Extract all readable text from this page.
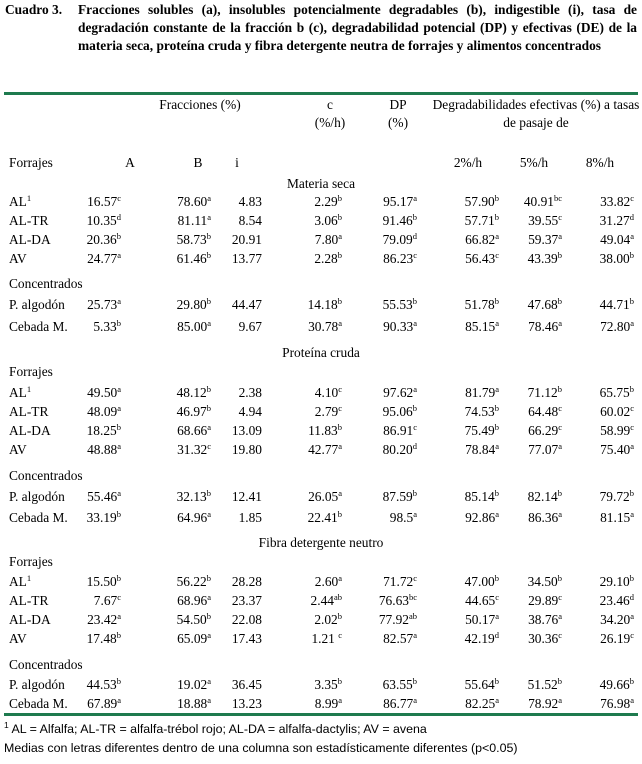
Cuadro 3.	Fracciones solubles (a), insolubles potencialmente degradables (b), indigestible (i), tasa de degradación constante de la fracción b (c), degradabilidad potencial (DP) y efectivas (DE) de la materia seca, proteína cruda y fibra detergente neutra de forrajes y alimentos concentrados
Fracciones (%)	c
(%/h)
DP
(%)
Degradabilidades efectivas (%) a tasas de pasaje de
Forrajes	A	B	i	2%/h	5%/h	8%/h
Materia seca
$AL^1$	16.57$^c$	78.60$^a$ 4.83	2.29$^b$	95.17$^a$	57.90$^b$ 40.91$^{bc}$	33.82$^c$
AL-TR	10.35$^d$	81.11$^a$ 8.54	3.06$^b$	91.46$^b$	57.71$^b$ 39.55$^c$	31.27$^d$
AL-DA	20.36$^b$	58.73$^b$ 20.91	7.80$^a$	79.09$^d$	66.82$^a$ 59.37$^a$	49.04$^a$
AV	24.77$^a$	61.46$^b$ 13.77	2.28$^b$	86.23$^c$	56.43$^c$ 43.39$^b$	38.00$^b$
Concentrados
P. algodón 25.73$^a$	29.80$^b$ 44.47	14.18$^b$	55.53$^b$	51.78$^b$ 47.68$^b$	44.71$^b$
Cebada M. 5.33$^b$	85.00$^a$ 9.67	30.78$^a$	90.33$^a$	85.15$^a$ 78.46$^a$	72.80$^a$
Proteína cruda
Forrajes
$AL^1$	49.50$^a$	48.12$^b$ 2.38	4.10$^c$	97.62$^a$	81.79$^a$ 71.12$^b$	65.75$^b$
AL-TR	48.09$^a$	46.97$^b$ 4.94	2.79$^c$	95.06$^b$	74.53$^b$ 64.48$^c$	60.02$^c$
AL-DA	18.25$^b$	68.66$^a$ 13.09	11.83$^b$	86.91$^c$	75.49$^b$ 66.29$^c$	58.99$^c$
AV	48.88$^a$	31.32$^c$ 19.80	42.77$^a$	80.20$^d$	78.84$^a$ 77.07$^a$	75.40$^a$
Concentrados
P. algodón 55.46$^a$	32.13$^b$ 12.41	26.05$^a$	87.59$^b$	85.14$^b$ 82.14$^b$	79.72$^b$
Cebada M. 33.19$^b$	64.96$^a$ 1.85	22.41$^b$	98.5$^a$	92.86$^a$ 86.36$^a$	81.15$^a$
Fibra detergente neutro
Forrajes
$AL^1$	15.50$^b$	56.22$^b$ 28.28	2.60$^a$	71.72$^c$	47.00$^b$ 34.50$^b$	29.10$^b$
AL-TR	7.67$^c$	68.96$^a$ 23.37	2.44$^{ab}$	76.63$^{bc}$	44.65$^c$ 29.89$^c$	23.46$^d$
AL-DA	23.42$^a$	54.50$^b$ 22.08	2.02$^b$	77.92$^{ab}$	50.17$^a$ 38.76$^a$	34.20$^a$
AV	17.48$^b$	65.09$^a$ 17.43	1.21 $^c$	82.57$^a$	42.19$^d$ 30.36$^c$	26.19$^c$
Concentrados
P. algodón 44.53$^b$	19.02$^a$ 36.45	3.35$^b$	63.55$^b$	55.64$^b$ 51.52$^b$	49.66$^b$
Cebada M. 67.89$^a$	18.88$^a$ 13.23	8.99$^a$	86.77$^a$	82.25$^a$ 78.92$^a$	76.98$^a$
$^1$ AL = Alfalfa; AL-TR = alfalfa-trébol rojo; AL-DA = alfalfa-dactylis; AV = avena
Medias con letras diferentes dentro de una columna son estadísticamente diferentes (p<0.05)
